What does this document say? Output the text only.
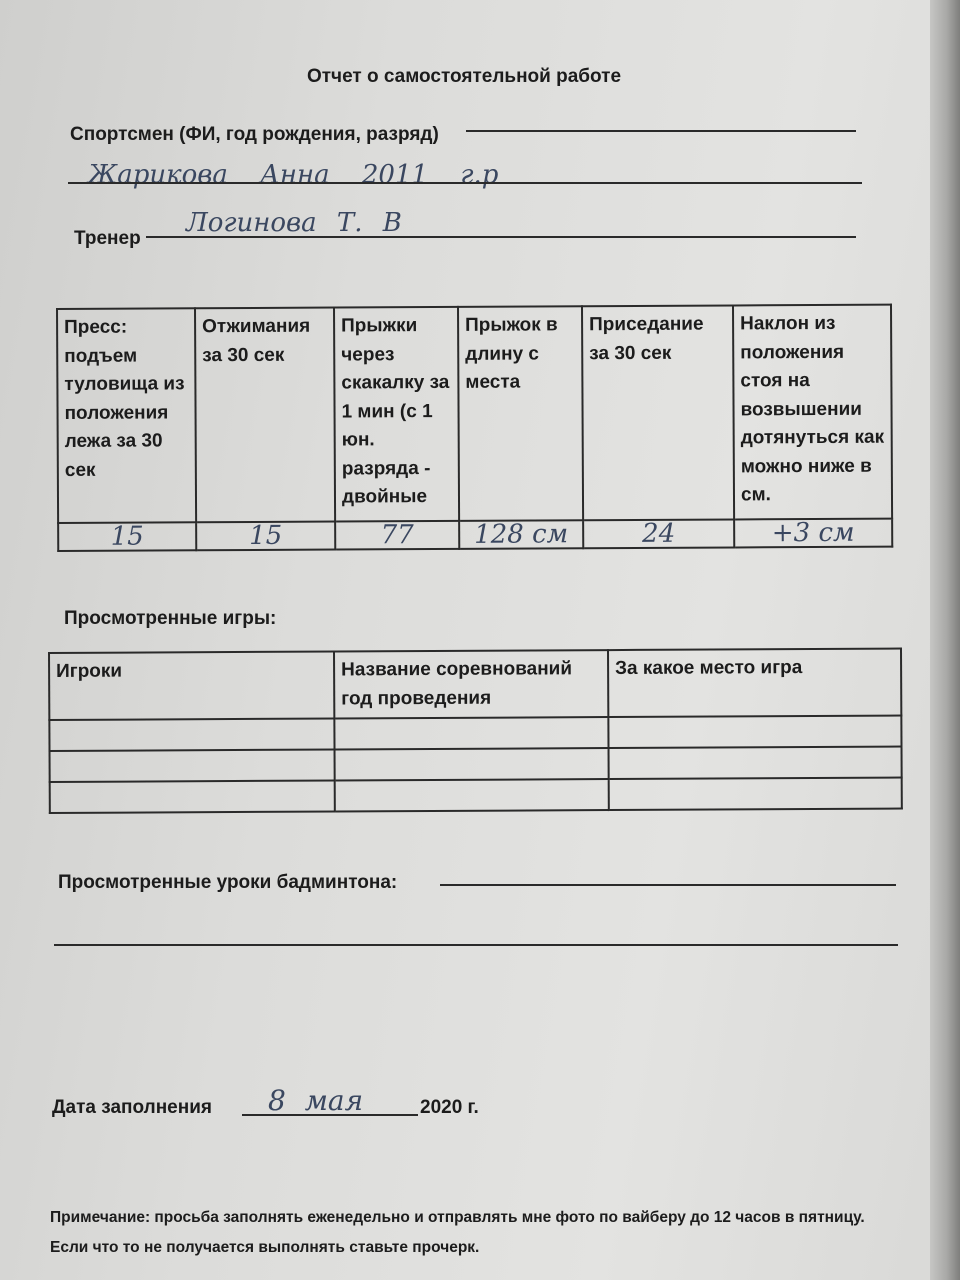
Отчет о самостоятельной работе
Спортсмен (ФИ, год рождения, разряд)
Жарикова Анна 2011 г.р
Тренер
Логинова Т. В
Пресс: подъем туловища из положения лежа за 30 сек	Отжимания за 30 сек	Прыжки через скакалку за 1 мин (с 1 юн. разряда - двойные	Прыжок в длину с места	Приседание за 30 сек	Наклон из положения стоя на возвышении дотянуться как можно ниже в см.
15	15	77	128 см	24	+3 см
Просмотренные игры:
Игроки	Название соревнований год проведения	За какое место игра

Просмотренные уроки бадминтона:
Дата заполнения 8 мая	2020 г.
Примечание: просьба заполнять еженедельно и отправлять мне фото по вайберу до 12 часов в пятницу. Если что то не получается выполнять ставьте прочерк.
